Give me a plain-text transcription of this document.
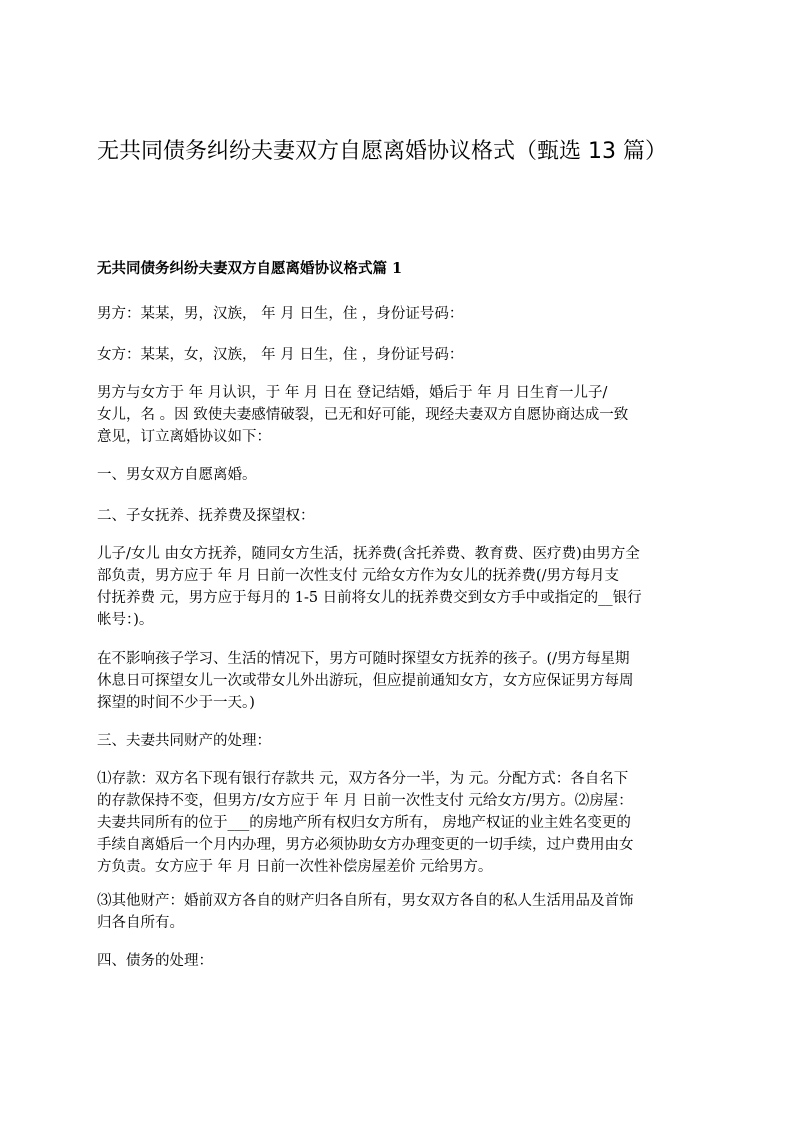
无共同债务纠纷夫妻双方自愿离婚协议格式（甄选 13 篇）
无共同债务纠纷夫妻双方自愿离婚协议格式篇 1

男方：某某，男，汉族， 年 月 日生，住 ，身份证号码：

女方：某某，女，汉族， 年 月 日生，住 ，身份证号码：

男方与女方于 年 月认识，于 年 月 日在 登记结婚，婚后于 年 月 日生育一儿子/
女儿，名 。因 致使夫妻感情破裂，已无和好可能，现经夫妻双方自愿协商达成一致
意见，订立离婚协议如下：

一、男女双方自愿离婚。

二、子女抚养、抚养费及探望权：

儿子/女儿 由女方抚养，随同女方生活，抚养费(含托养费、教育费、医疗费)由男方全
部负责，男方应于 年 月 日前一次性支付 元给女方作为女儿的抚养费(/男方每月支
付抚养费 元，男方应于每月的 1-5 日前将女儿的抚养费交到女方手中或指定的__银行
帐号：)。

在不影响孩子学习、生活的情况下，男方可随时探望女方抚养的孩子。(/男方每星期
休息日可探望女儿一次或带女儿外出游玩，但应提前通知女方，女方应保证男方每周
探望的时间不少于一天。)

三、夫妻共同财产的处理：

⑴存款：双方名下现有银行存款共 元，双方各分一半，为 元。分配方式：各自名下
的存款保持不变，但男方/女方应于 年 月 日前一次性支付 元给女方/男方。⑵房屋：
夫妻共同所有的位于___的房地产所有权归女方所有， 房地产权证的业主姓名变更的
手续自离婚后一个月内办理，男方必须协助女方办理变更的一切手续，过户费用由女
方负责。女方应于 年 月 日前一次性补偿房屋差价 元给男方。

⑶其他财产：婚前双方各自的财产归各自所有，男女双方各自的私人生活用品及首饰
归各自所有。

四、债务的处理：
